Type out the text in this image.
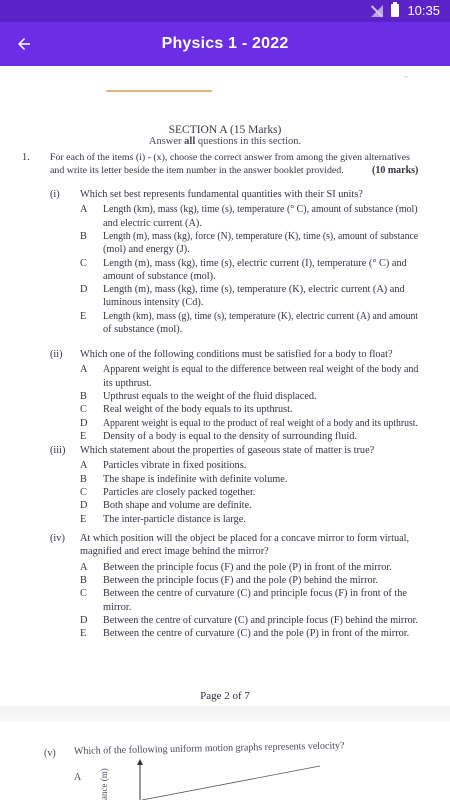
10:35
Physics 1 - 2022
▪▪▪
SECTION A (15 Marks)
Answer all questions in this section.
1. For each of the items (i) - (x), choose the correct answer from among the given alternatives
and write its letter beside the item number in the answer booklet provided.	(10 marks)
(i) Which set best represents fundamental quantities with their SI units?
A Length (km), mass (kg), time (s), temperature (° C), amount of substance (mol)
and electric current (A).
B Length (m), mass (kg), force (N), temperature (K), time (s), amount of substance
(mol) and energy (J).
C Length (m), mass (kg), time (s), electric current (I), temperature (° C) and
amount of substance (mol).
D Length (m), mass (kg), time (s), temperature (K), electric current (A) and
luminous intensity (Cd).
E Length (km), mass (g), time (s), temperature (K), electric current (A) and amount
of substance (mol).
(ii) Which one of the following conditions must be satisfied for a body to float?
A Apparent weight is equal to the difference between real weight of the body and
its upthrust.
B Upthrust equals to the weight of the fluid displaced.
C Real weight of the body equals to its upthrust.
D Apparent weight is equal to the product of real weight of a body and its upthrust.
E Density of a body is equal to the density of surrounding fluid.
(iii) Which statement about the properties of gaseous state of matter is true?
A Particles vibrate in fixed positions.
B The shape is indefinite with definite volume.
C Particles are closely packed together.
D Both shape and volume are definite.
E The inter-particle distance is large.
(iv) At which position will the object be placed for a concave mirror to form virtual,
magnified and erect image behind the mirror?
A Between the principle focus (F) and the pole (P) in front of the mirror.
B Between the principle focus (F) and the pole (P) behind the mirror.
C Between the centre of curvature (C) and principle focus (F) in front of the
mirror.
D Between the centre of curvature (C) and principle focus (F) behind the mirror.
E Between the centre of curvature (C) and the pole (P) in front of the mirror.
Page 2 of 7
(v) Which of the following uniform motion graphs represents velocity?
A ance (m)
